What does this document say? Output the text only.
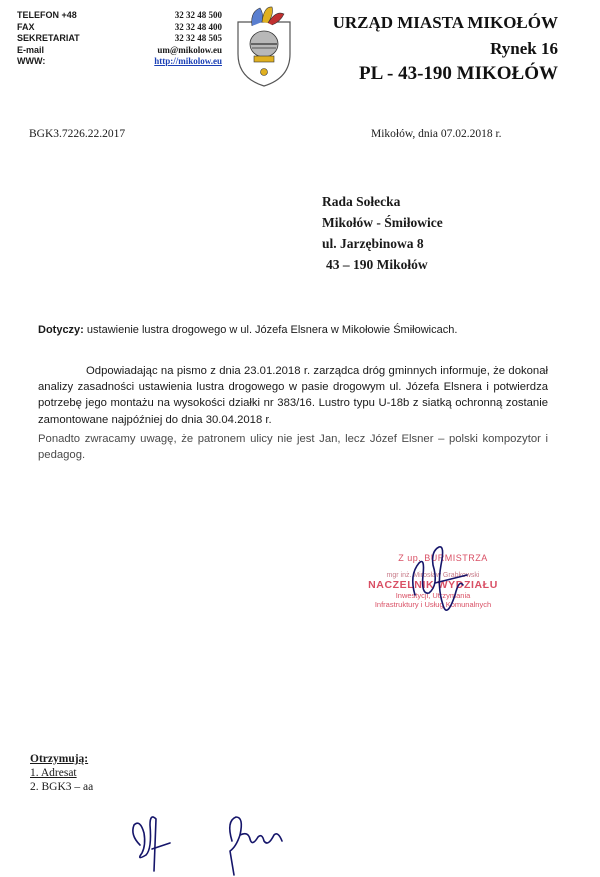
TELEFON +48
FAX
SEKRETARIAT
E-mail
WWW:
32 32 48 500
32 32 48 400
32 32 48 505
um@mikolow.eu
http://mikolow.eu
URZĄD MIASTA MIKOŁÓW
Rynek 16
PL - 43-190 MIKOŁÓW
BGK3.7226.22.2017	Mikołów, dnia 07.02.2018 r.
Rada Sołecka
Mikołów - Śmiłowice
ul. Jarzębinowa 8
43 – 190 Mikołów
Dotyczy: ustawienie lustra drogowego w ul. Józefa Elsnera w Mikołowie Śmiłowicach.
Odpowiadając na pismo z dnia 23.01.2018 r. zarządca dróg gminnych informuje, że dokonał analizy zasadności ustawienia lustra drogowego w pasie drogowym ul. Józefa Elsnera i potwierdza potrzebę jego montażu na wysokości działki nr 383/16. Lustro typu U-18b z siatką ochronną zostanie zamontowane najpóźniej do dnia 30.04.2018 r.
Ponadto zwracamy uwagę, że patronem ulicy nie jest Jan, lecz Józef Elsner – polski kompozytor i pedagog.
Z up. BURMISTRZA
mgr inż. Mirosław Grabkowski
NACZELNIK WYDZIAŁU
Inwestycji, Utrzymania
Infrastruktury i Usług Komunalnych
Otrzymują:
1. Adresat
2. BGK3 – aa
